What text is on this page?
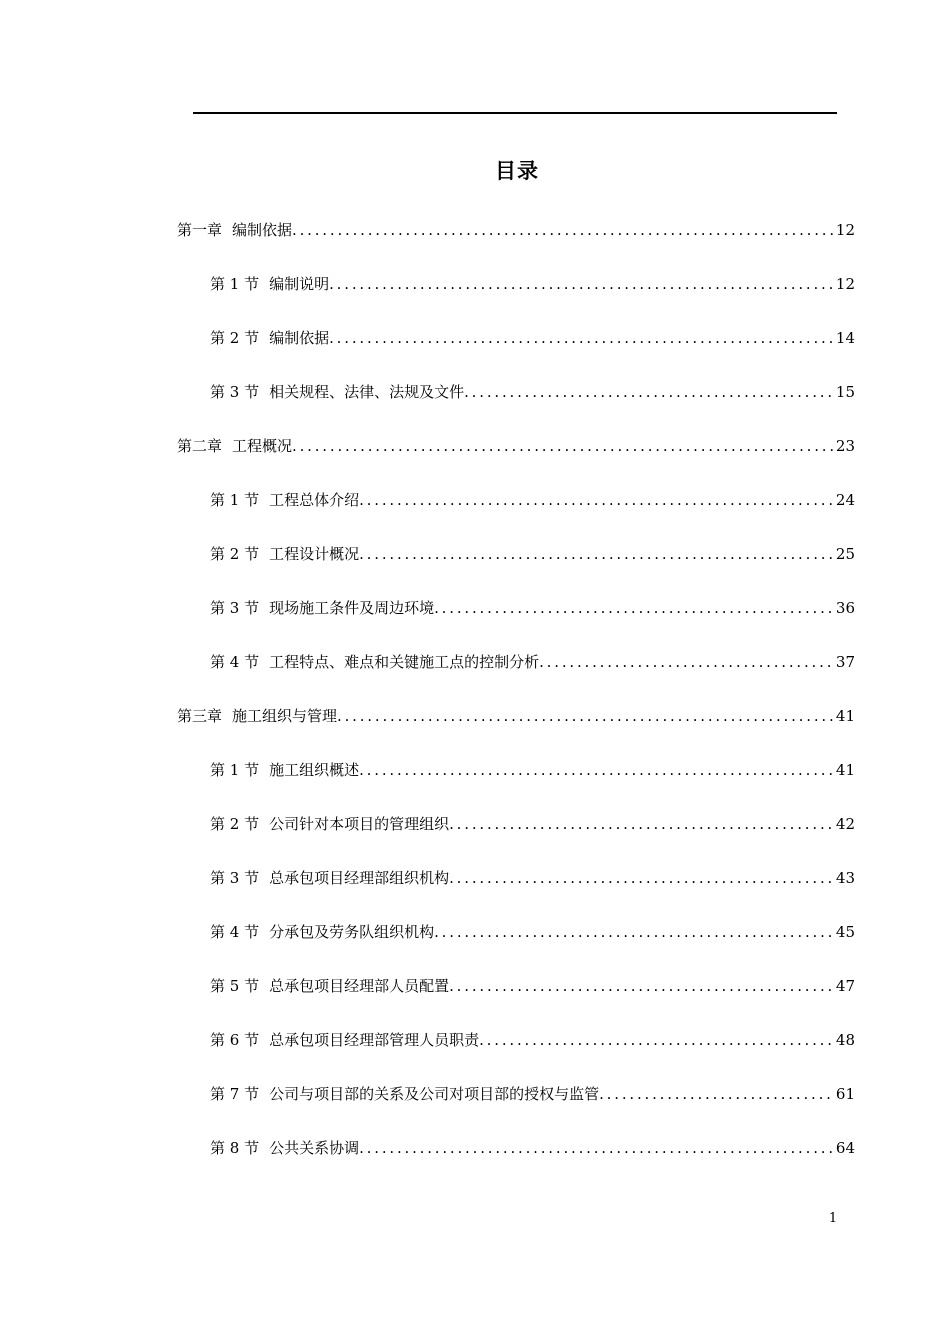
目录
第一章 编制依据 .....	12
第 1 节 编制说明 .....	12
第 2 节 编制依据 .....	14
第 3 节 相关规程、法律、法规及文件 .....	15
第二章 工程概况 .....	23
第 1 节 工程总体介绍 .....	24
第 2 节 工程设计概况 .....	25
第 3 节 现场施工条件及周边环境 .....	36
第 4 节 工程特点、难点和关键施工点的控制分析 .....	37
第三章 施工组织与管理 .....	41
第 1 节 施工组织概述 .....	41
第 2 节 公司针对本项目的管理组织 .....	42
第 3 节 总承包项目经理部组织机构 .....	43
第 4 节 分承包及劳务队组织机构 .....	45
第 5 节 总承包项目经理部人员配置 .....	47
第 6 节 总承包项目经理部管理人员职责 .....	48
第 7 节 公司与项目部的关系及公司对项目部的授权与监管 .....	61
第 8 节 公共关系协调 .....	64
1
